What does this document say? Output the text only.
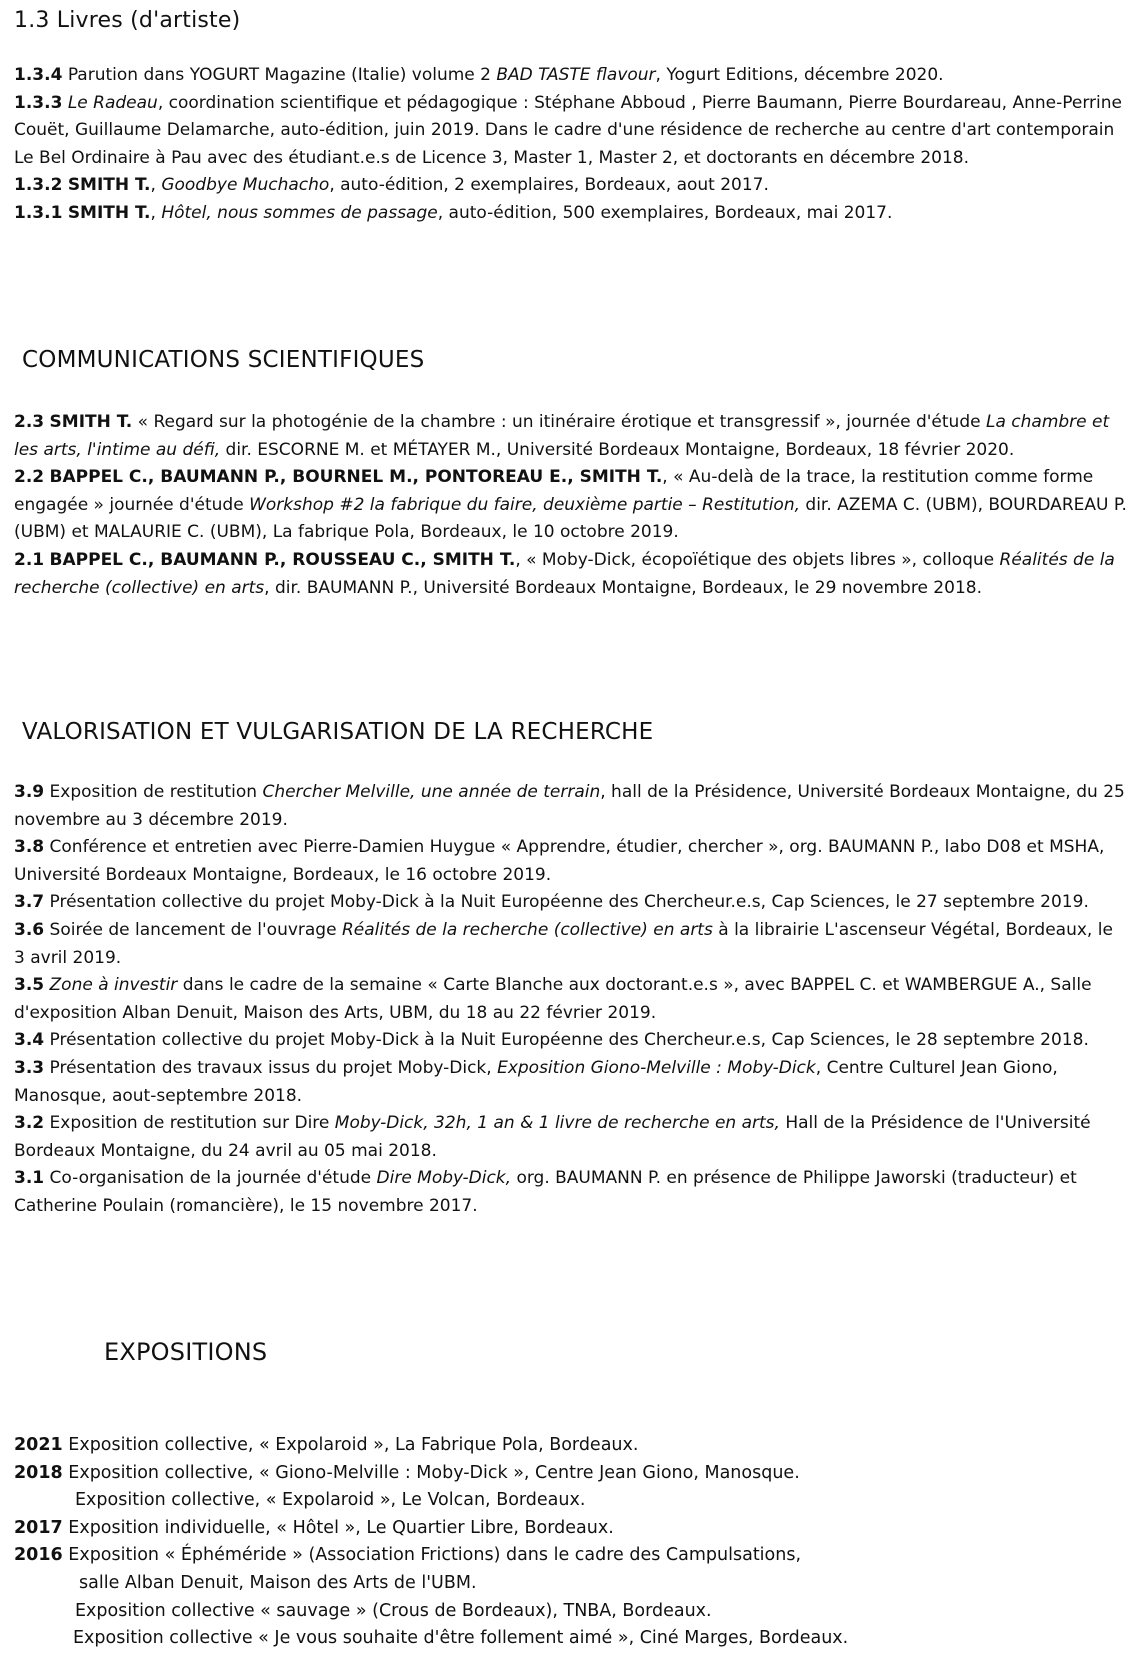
1.3 Livres (d'artiste)

1.3.4 Parution dans YOGURT Magazine (Italie) volume 2 BAD TASTE flavour, Yogurt Editions, décembre 2020.

1.3.3 Le Radeau, coordination scientifique et pédagogique : Stéphane Abboud , Pierre Baumann, Pierre Bourdareau, Anne-Perrine Couët, Guillaume Delamarche, auto-édition, juin 2019. Dans le cadre d'une résidence de recherche au centre d'art contemporain Le Bel Ordinaire à Pau avec des étudiant.e.s de Licence 3, Master 1, Master 2, et doctorants en décembre 2018.

1.3.2 SMITH T., Goodbye Muchacho, auto-édition, 2 exemplaires, Bordeaux, aout 2017.

1.3.1 SMITH T., Hôtel, nous sommes de passage, auto-édition, 500 exemplaires, Bordeaux, mai 2017.

COMMUNICATIONS SCIENTIFIQUES

2.3 SMITH T. « Regard sur la photogénie de la chambre : un itinéraire érotique et transgressif », journée d'étude La chambre et les arts, l'intime au défi, dir. ESCORNE M. et MÉTAYER M., Université Bordeaux Montaigne, Bordeaux, 18 février 2020.

2.2 BAPPEL C., BAUMANN P., BOURNEL M., PONTOREAU E., SMITH T., « Au-delà de la trace, la restitution comme forme engagée » journée d'étude Workshop #2 la fabrique du faire, deuxième partie – Restitution, dir. AZEMA C. (UBM), BOURDAREAU P. (UBM) et MALAURIE C. (UBM), La fabrique Pola, Bordeaux, le 10 octobre 2019.

2.1 BAPPEL C., BAUMANN P., ROUSSEAU C., SMITH T., « Moby-Dick, écopoïétique des objets libres », colloque Réalités de la recherche (collective) en arts, dir. BAUMANN P., Université Bordeaux Montaigne, Bordeaux, le 29 novembre 2018.

VALORISATION ET VULGARISATION DE LA RECHERCHE

3.9 Exposition de restitution Chercher Melville, une année de terrain, hall de la Présidence, Université Bordeaux Montaigne, du 25 novembre au 3 décembre 2019.

3.8 Conférence et entretien avec Pierre-Damien Huygue « Apprendre, étudier, chercher », org. BAUMANN P., labo D08 et MSHA, Université Bordeaux Montaigne, Bordeaux, le 16 octobre 2019.

3.7 Présentation collective du projet Moby-Dick à la Nuit Européenne des Chercheur.e.s, Cap Sciences, le 27 septembre 2019.

3.6 Soirée de lancement de l'ouvrage Réalités de la recherche (collective) en arts à la librairie L'ascenseur Végétal, Bordeaux, le 3 avril 2019.

3.5 Zone à investir dans le cadre de la semaine « Carte Blanche aux doctorant.e.s », avec BAPPEL C. et WAMBERGUE A., Salle d'exposition Alban Denuit, Maison des Arts, UBM, du 18 au 22 février 2019.

3.4 Présentation collective du projet Moby-Dick à la Nuit Européenne des Chercheur.e.s, Cap Sciences, le 28 septembre 2018.

3.3 Présentation des travaux issus du projet Moby-Dick, Exposition Giono-Melville : Moby-Dick, Centre Culturel Jean Giono, Manosque, aout-septembre 2018.

3.2 Exposition de restitution sur Dire Moby-Dick, 32h, 1 an & 1 livre de recherche en arts, Hall de la Présidence de l'Université Bordeaux Montaigne, du 24 avril au 05 mai 2018.

3.1 Co-organisation de la journée d'étude Dire Moby-Dick, org. BAUMANN P. en présence de Philippe Jaworski (traducteur) et Catherine Poulain (romancière), le 15 novembre 2017.

EXPOSITIONS

2021 Exposition collective, « Expolaroid », La Fabrique Pola, Bordeaux.

2018 Exposition collective, « Giono-Melville : Moby-Dick », Centre Jean Giono, Manosque.

Exposition collective, « Expolaroid », Le Volcan, Bordeaux.

2017 Exposition individuelle, « Hôtel », Le Quartier Libre, Bordeaux.

2016 Exposition « Éphéméride » (Association Frictions) dans le cadre des Campulsations,

salle Alban Denuit, Maison des Arts de l'UBM.

Exposition collective « sauvage » (Crous de Bordeaux), TNBA, Bordeaux.

Exposition collective « Je vous souhaite d'être follement aimé », Ciné Marges, Bordeaux.
